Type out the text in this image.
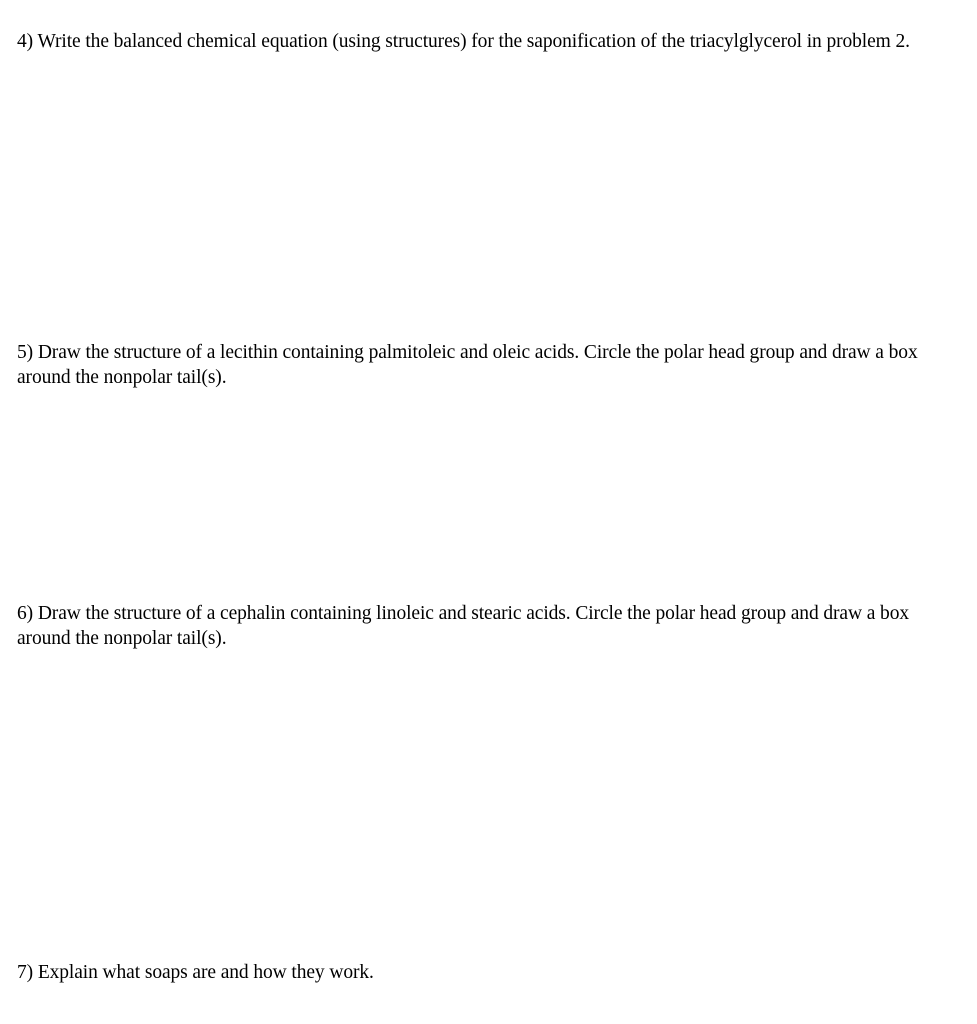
4) Write the balanced chemical equation (using structures) for the saponification of the triacylglycerol in problem 2.

5) Draw the structure of a lecithin containing palmitoleic and oleic acids. Circle the polar head group and draw a box around the nonpolar tail(s).

6) Draw the structure of a cephalin containing linoleic and stearic acids. Circle the polar head group and draw a box around the nonpolar tail(s).

7) Explain what soaps are and how they work.
